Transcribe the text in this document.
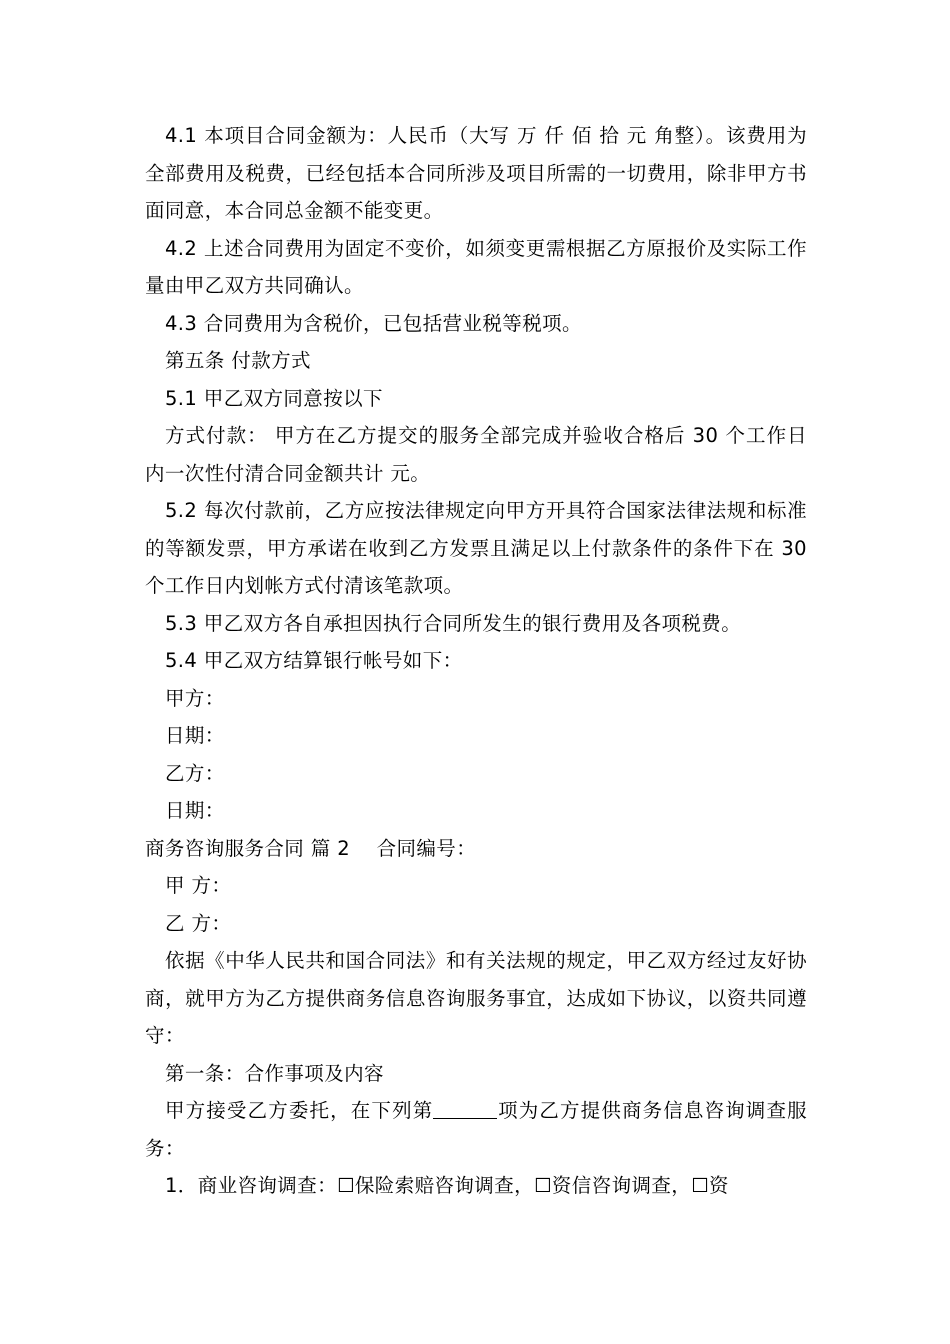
4.1 本项目合同金额为：人民币（大写 万 仟 佰 拾 元 角整）。该费用为全部费用及税费，已经包括本合同所涉及项目所需的一切费用，除非甲方书面同意，本合同总金额不能变更。

4.2 上述合同费用为固定不变价，如须变更需根据乙方原报价及实际工作量由甲乙双方共同确认。

4.3 合同费用为含税价，已包括营业税等税项。

第五条 付款方式

5.1 甲乙双方同意按以下

方式付款： 甲方在乙方提交的服务全部完成并验收合格后 30 个工作日内一次性付清合同金额共计 元。

5.2 每次付款前，乙方应按法律规定向甲方开具符合国家法律法规和标准的等额发票，甲方承诺在收到乙方发票且满足以上付款条件的条件下在 30 个工作日内划帐方式付清该笔款项。

5.3 甲乙双方各自承担因执行合同所发生的银行费用及各项税费。

5.4 甲乙双方结算银行帐号如下：

甲方：

日期：

乙方：

日期：

商务咨询服务合同 篇 2　 合同编号：

甲 方：

乙 方：

依据《中华人民共和国合同法》和有关法规的规定，甲乙双方经过友好协商，就甲方为乙方提供商务信息咨询服务事宜，达成如下协议，以资共同遵守：

第一条：合作事项及内容

甲方接受乙方委托，在下列第	项为乙方提供商务信息咨询调查服务：

1．商业咨询调查：☐保险索赔咨询调查，☐资信咨询调查，☐资
